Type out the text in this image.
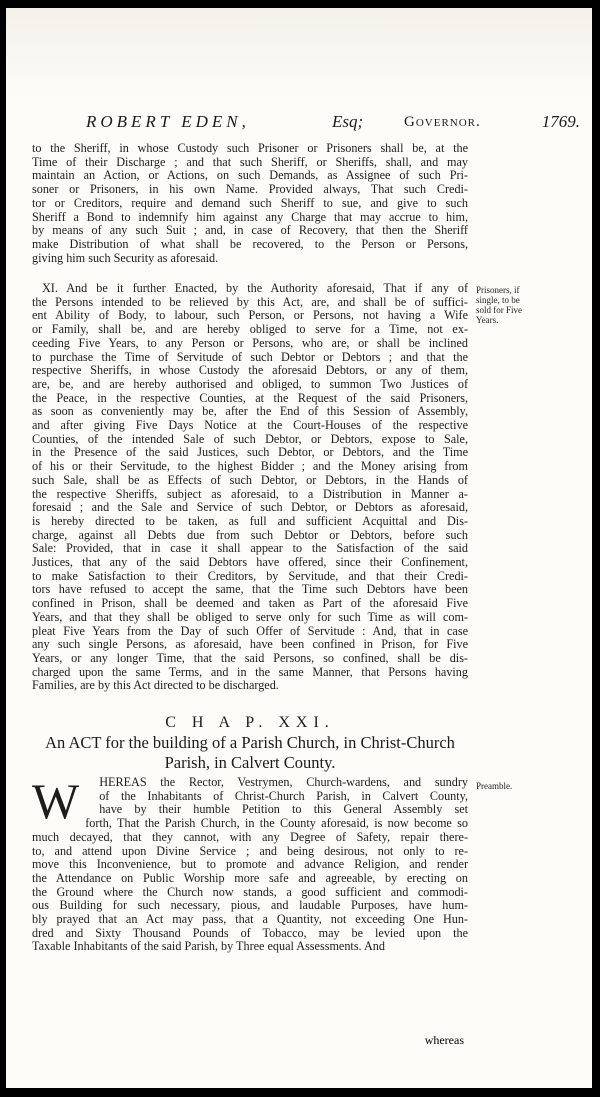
ROBERT EDEN,	Esq;	Governor.	1769.
to the Sheriff, in whose Custody such Prisoner or Prisoners shall be, at the
Time of their Discharge ; and that such Sheriff, or Sheriffs, shall, and may
maintain an Action, or Actions, on such Demands, as Assignee of such Pri-
soner or Prisoners, in his own Name. Provided always, That such Credi-
tor or Creditors, require and demand such Sheriff to sue, and give to such
Sheriff a Bond to indemnify him against any Charge that may accrue to him,
by means of any such Suit ; and, in case of Recovery, that then the Sheriff
make Distribution of what shall be recovered, to the Person or Persons,
giving him such Security as aforesaid.
XI. And be it further Enacted, by the Authority aforesaid, That if any of
the Persons intended to be relieved by this Act, are, and shall be of suffici-
ent Ability of Body, to labour, such Person, or Persons, not having a Wife
or Family, shall be, and are hereby obliged to serve for a Time, not ex-
ceeding Five Years, to any Person or Persons, who are, or shall be inclined
to purchase the Time of Servitude of such Debtor or Debtors ; and that the
respective Sheriffs, in whose Custody the aforesaid Debtors, or any of them,
are, be, and are hereby authorised and obliged, to summon Two Justices of
the Peace, in the respective Counties, at the Request of the said Prisoners,
as soon as conveniently may be, after the End of this Session of Assembly,
and after giving Five Days Notice at the Court-Houses of the respective
Counties, of the intended Sale of such Debtor, or Debtors, expose to Sale,
in the Presence of the said Justices, such Debtor, or Debtors, and the Time
of his or their Servitude, to the highest Bidder ; and the Money arising from
such Sale, shall be as Effects of such Debtor, or Debtors, in the Hands of
the respective Sheriffs, subject as aforesaid, to a Distribution in Manner a-
foresaid ; and the Sale and Service of such Debtor, or Debtors as aforesaid,
is hereby directed to be taken, as full and sufficient Acquittal and Dis-
charge, against all Debts due from such Debtor or Debtors, before such
Sale: Provided, that in case it shall appear to the Satisfaction of the said
Justices, that any of the said Debtors have offered, since their Confinement,
to make Satisfaction to their Creditors, by Servitude, and that their Credi-
tors have refused to accept the same, that the Time such Debtors have been
confined in Prison, shall be deemed and taken as Part of the aforesaid Five
Years, and that they shall be obliged to serve only for such Time as will com-
pleat Five Years from the Day of such Offer of Servitude : And, that in case
any such single Persons, as aforesaid, have been confined in Prison, for Five
Years, or any longer Time, that the said Persons, so confined, shall be dis-
charged upon the same Terms, and in the same Manner, that Persons having
Families, are by this Act directed to be discharged.
Prisoners, if
single, to be
sold for Five
Years.
C H A P. XXI.
An ACT for the building of a Parish Church, in Christ-Church
Parish, in Calvert County.
Preamble.
W	HEREAS the Rector, Vestrymen, Church-wardens, and sundry
of the Inhabitants of Christ-Church Parish, in Calvert County,
have by their humble Petition to this General Assembly set
forth, That the Parish Church, in the County aforesaid, is now become so
much decayed, that they cannot, with any Degree of Safety, repair there-
to, and attend upon Divine Service ; and being desirous, not only to re-
move this Inconvenience, but to promote and advance Religion, and render
the Attendance on Public Worship more safe and agreeable, by erecting on
the Ground where the Church now stands, a good sufficient and commodi-
ous Building for such necessary, pious, and laudable Purposes, have hum-
bly prayed that an Act may pass, that a Quantity, not exceeding One Hun-
dred and Sixty Thousand Pounds of Tobacco, may be levied upon the
Taxable Inhabitants of the said Parish, by Three equal Assessments. And
whereas
